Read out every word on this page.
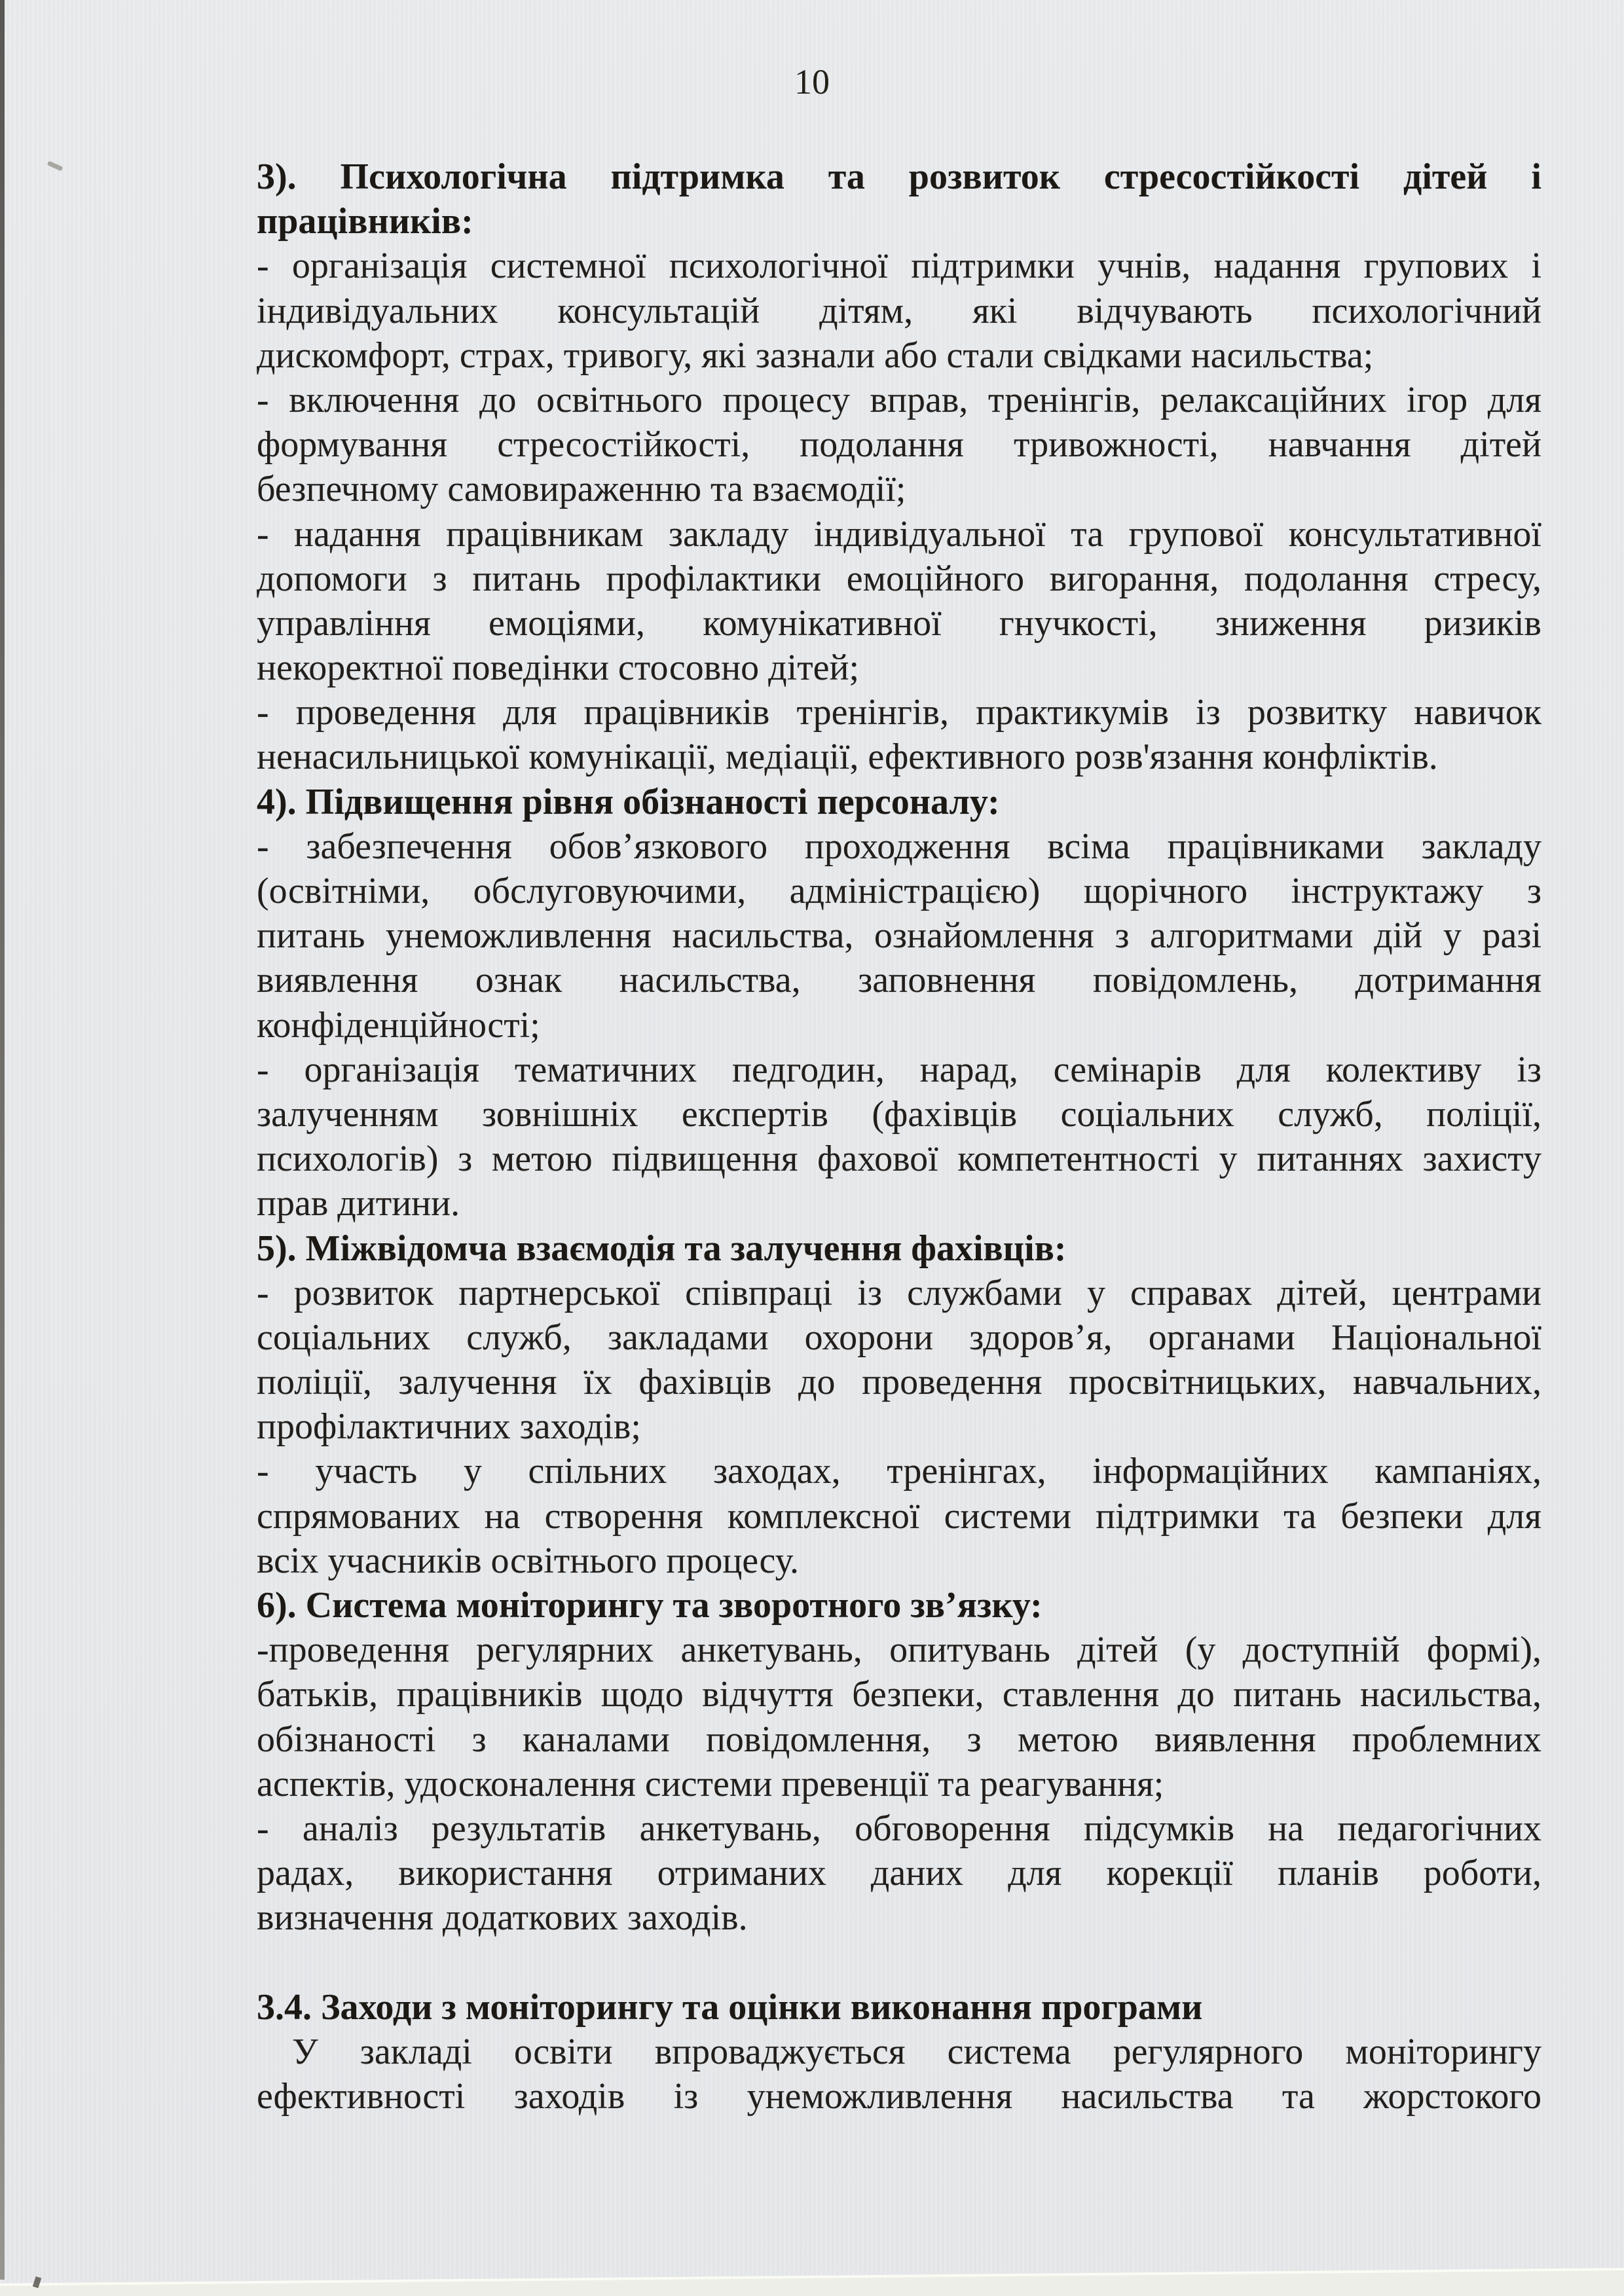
10
3). Психологічна підтримка та розвиток стресостійкості дітей і
працівників:
- організація системної психологічної підтримки учнів, надання групових і
індивідуальних консультацій дітям, які відчувають психологічний
дискомфорт, страх, тривогу, які зазнали або стали свідками насильства;
- включення до освітнього процесу вправ, тренінгів, релаксаційних ігор для
формування стресостійкості, подолання тривожності, навчання дітей
безпечному самовираженню та взаємодії;
- надання працівникам закладу індивідуальної та групової консультативної
допомоги з питань профілактики емоційного вигорання, подолання стресу,
управління емоціями, комунікативної гнучкості, зниження ризиків
некоректної поведінки стосовно дітей;
- проведення для працівників тренінгів, практикумів із розвитку навичок
ненасильницької комунікації, медіації, ефективного розв'язання конфліктів.
4). Підвищення рівня обізнаності персоналу:
- забезпечення обов’язкового проходження всіма працівниками закладу
(освітніми, обслуговуючими, адміністрацією) щорічного інструктажу з
питань унеможливлення насильства, ознайомлення з алгоритмами дій у разі
виявлення ознак насильства, заповнення повідомлень, дотримання
конфіденційності;
- організація тематичних педгодин, нарад, семінарів для колективу із
залученням зовнішніх експертів (фахівців соціальних служб, поліції,
психологів) з метою підвищення фахової компетентності у питаннях захисту
прав дитини.
5). Міжвідомча взаємодія та залучення фахівців:
- розвиток партнерської співпраці із службами у справах дітей, центрами
соціальних служб, закладами охорони здоров’я, органами Національної
поліції, залучення їх фахівців до проведення просвітницьких, навчальних,
профілактичних заходів;
- участь у спільних заходах, тренінгах, інформаційних кампаніях,
спрямованих на створення комплексної системи підтримки та безпеки для
всіх учасників освітнього процесу.
6). Система моніторингу та зворотного зв’язку:
-проведення регулярних анкетувань, опитувань дітей (у доступній формі),
батьків, працівників щодо відчуття безпеки, ставлення до питань насильства,
обізнаності з каналами повідомлення, з метою виявлення проблемних
аспектів, удосконалення системи превенції та реагування;
- аналіз результатів анкетувань, обговорення підсумків на педагогічних
радах, використання отриманих даних для корекції планів роботи,
визначення додаткових заходів.
3.4. Заходи з моніторингу та оцінки виконання програми
У закладі освіти впроваджується система регулярного моніторингу
ефективності заходів із унеможливлення насильства та жорстокого
